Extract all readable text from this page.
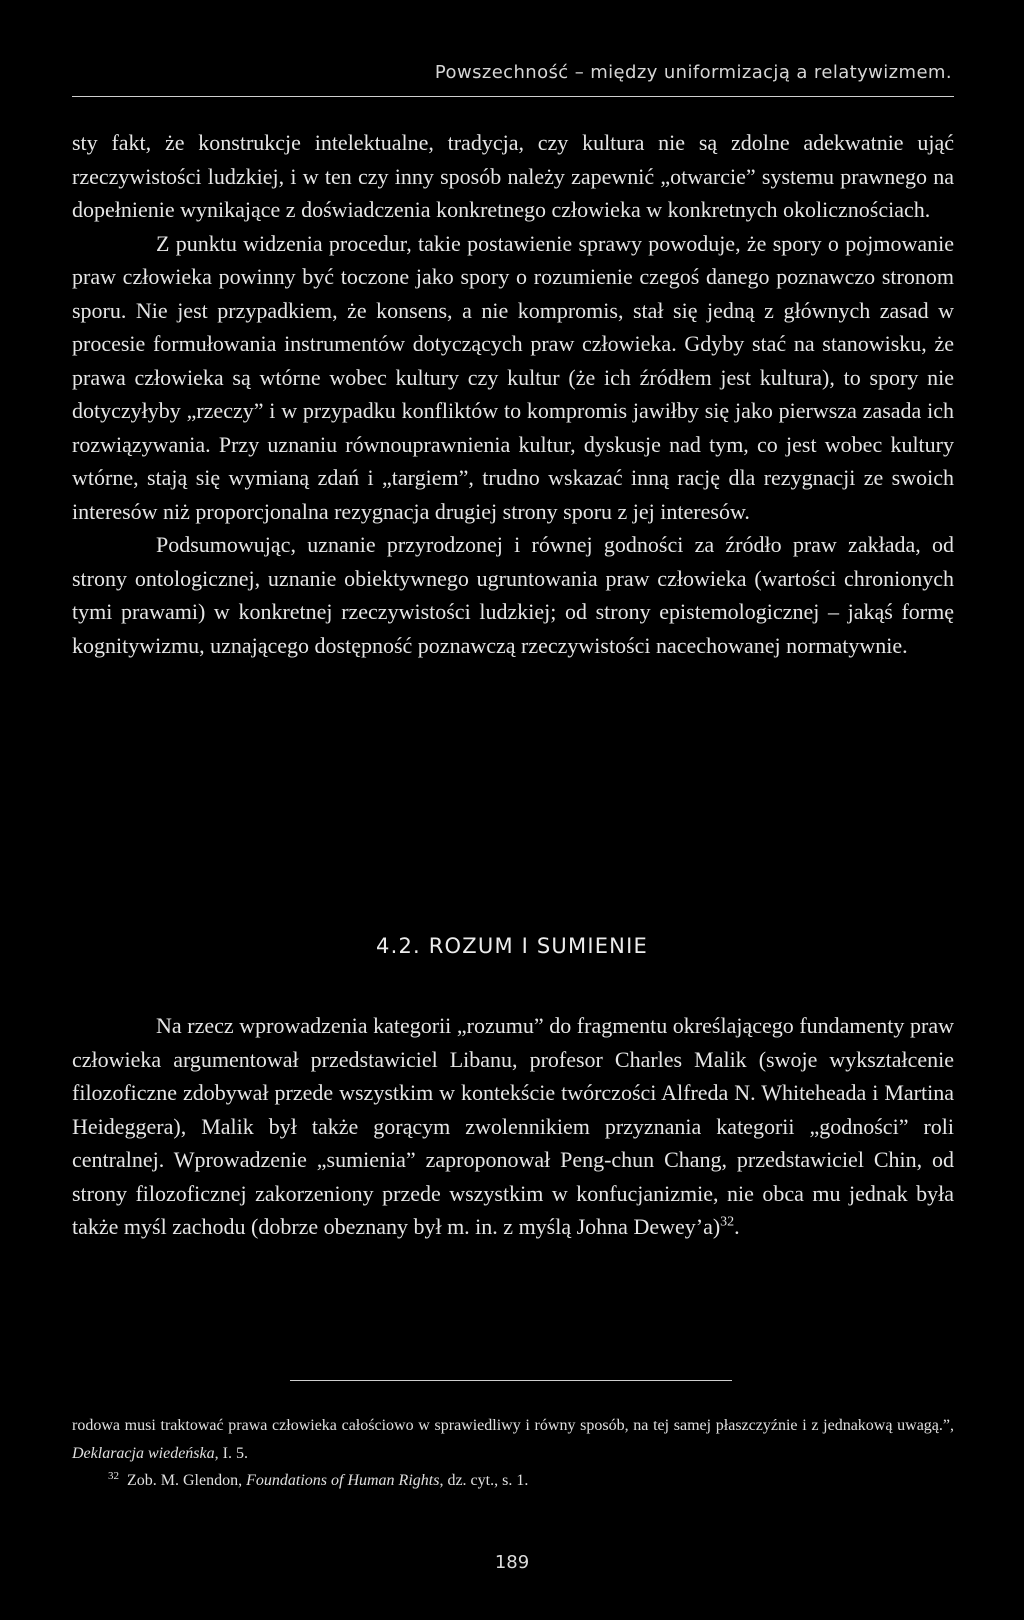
Powszechność – między uniformizacją a relatywizmem.

sty fakt, że konstrukcje intelektualne, tradycja, czy kultura nie są zdolne adekwatnie ująć rzeczywistości ludzkiej, i w ten czy inny sposób należy zapewnić „otwarcie” systemu prawnego na dopełnienie wynikające z doświadczenia konkretnego człowieka w konkretnych okolicznościach.

Z punktu widzenia procedur, takie postawienie sprawy powoduje, że spory o pojmowanie praw człowieka powinny być toczone jako spory o rozumienie czegoś danego poznawczo stronom sporu. Nie jest przypadkiem, że konsens, a nie kompromis, stał się jedną z głównych zasad w procesie formułowania instrumentów dotyczących praw człowieka. Gdyby stać na stanowisku, że prawa człowieka są wtórne wobec kultury czy kultur (że ich źródłem jest kultura), to spory nie dotyczyłyby „rzeczy” i w przypadku konfliktów to kompromis jawiłby się jako pierwsza zasada ich rozwiązywania. Przy uznaniu równouprawnienia kultur, dyskusje nad tym, co jest wobec kultury wtórne, stają się wymianą zdań i „targiem”, trudno wskazać inną rację dla rezygnacji ze swoich interesów niż proporcjonalna rezygnacja drugiej strony sporu z jej interesów.

Podsumowując, uznanie przyrodzonej i równej godności za źródło praw zakłada, od strony ontologicznej, uznanie obiektywnego ugruntowania praw człowieka (wartości chronionych tymi prawami) w konkretnej rzeczywistości ludzkiej; od strony epistemologicznej – jakąś formę kognitywizmu, uznającego dostępność poznawczą rzeczywistości nacechowanej normatywnie.

4.2. ROZUM I SUMIENIE

Na rzecz wprowadzenia kategorii „rozumu” do fragmentu określającego fundamenty praw człowieka argumentował przedstawiciel Libanu, profesor Charles Malik (swoje wykształcenie filozoficzne zdobywał przede wszystkim w kontekście twórczości Alfreda N. Whiteheada i Martina Heideggera), Malik był także gorącym zwolennikiem przyznania kategorii „godności” roli centralnej. Wprowadzenie „sumienia” zaproponował Peng-chun Chang, przedstawiciel Chin, od strony filozoficznej zakorzeniony przede wszystkim w konfucjanizmie, nie obca mu jednak była także myśl zachodu (dobrze obeznany był m. in. z myślą Johna Dewey’a)$^{32}$.

rodowa musi traktować prawa człowieka całościowo w sprawiedliwy i równy sposób, na tej samej płaszczyźnie i z jednakową uwagą.”, Deklaracja wiedeńska, I. 5.

$^{32}$ Zob. M. Glendon, Foundations of Human Rights, dz. cyt., s. 1.

189
